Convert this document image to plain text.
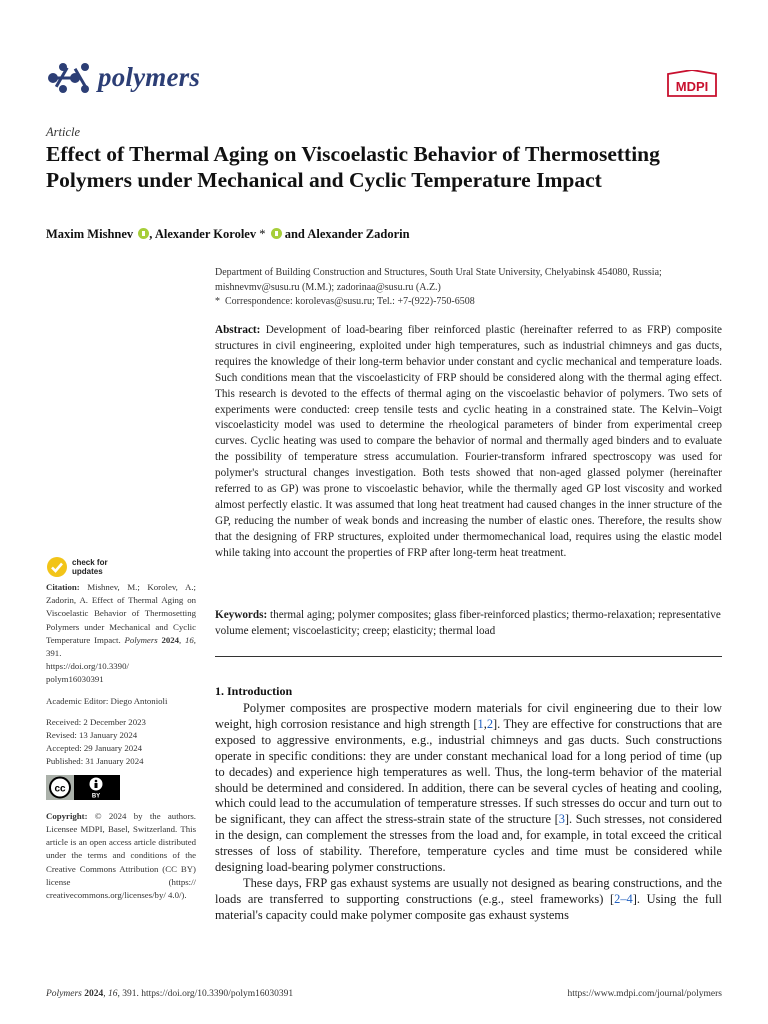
polymers	MDPI
Article
Effect of Thermal Aging on Viscoelastic Behavior of Thermosetting Polymers under Mechanical and Cyclic Temperature Impact
Maxim Mishnev , Alexander Korolev *  and Alexander Zadorin
Department of Building Construction and Structures, South Ural State University, Chelyabinsk 454080, Russia;
mishnevmv@susu.ru (M.M.); zadorinaa@susu.ru (A.Z.)
* Correspondence: korolevas@susu.ru; Tel.: +7-(922)-750-6508
Abstract: Development of load-bearing fiber reinforced plastic (hereinafter referred to as FRP) composite structures in civil engineering, exploited under high temperatures, such as industrial chimneys and gas ducts, requires the knowledge of their long-term behavior under constant and cyclic mechanical and temperature loads. Such conditions mean that the viscoelasticity of FRP should be considered along with the thermal aging effect. This research is devoted to the effects of thermal aging on the viscoelastic behavior of polymers. Two sets of experiments were conducted: creep tensile tests and cyclic heating in a constrained state. The Kelvin–Voigt viscoelasticity model was used to determine the rheological parameters of binder from experimental creep curves. Cyclic heating was used to compare the behavior of normal and thermally aged binders and to evaluate the possibility of temperature stress accumulation. Fourier-transform infrared spectroscopy was used for polymer's structural changes investigation. Both tests showed that non-aged glassed polymer (hereinafter referred to as GP) was prone to viscoelastic behavior, while the thermally aged GP lost viscosity and worked almost perfectly elastic. It was assumed that long heat treatment had caused changes in the inner structure of the GP, reducing the number of weak bonds and increasing the number of elastic ones. Therefore, the results show that the designing of FRP structures, exploited under thermomechanical load, requires using the elastic model while taking into account the properties of FRP after long-term heat treatment.
Keywords: thermal aging; polymer composites; glass fiber-reinforced plastics; thermo-relaxation; representative volume element; viscoelasticity; creep; elasticity; thermal load
check for
updates
Citation: Mishnev, M.; Korolev, A.; Zadorin, A. Effect of Thermal Aging on Viscoelastic Behavior of Thermosetting Polymers under Mechanical and Cyclic Temperature Impact. Polymers 2024, 16, 391.
https://doi.org/10.3390/
polym16030391
Academic Editor: Diego Antonioli
Received: 2 December 2023
Revised: 13 January 2024
Accepted: 29 January 2024
Published: 31 January 2024
cc
BY
Copyright: © 2024 by the authors. Licensee MDPI, Basel, Switzerland. This article is an open access article distributed under the terms and conditions of the Creative Commons Attribution (CC BY) license (https:// creativecommons.org/licenses/by/ 4.0/).
1. Introduction

Polymer composites are prospective modern materials for civil engineering due to their low weight, high corrosion resistance and high strength [1,2]. They are effective for constructions that are exposed to aggressive environments, e.g., industrial chimneys and gas ducts. Such constructions operate in specific conditions: they are under constant mechanical load for a long period of time (up to decades) and experience high temperatures as well. Thus, the long-term behavior of the material should be determined and considered. In addition, there can be several cycles of heating and cooling, which could lead to the accumulation of temperature stresses. If such stresses do occur and turn out to be significant, they can affect the stress-strain state of the structure [3]. Such stresses, not considered in the design, can complement the stresses from the load and, for example, in total exceed the critical stresses of loss of stability. Therefore, temperature cycles and time must be considered while designing load-bearing polymer constructions.

These days, FRP gas exhaust systems are usually not designed as bearing constructions, and the loads are transferred to supporting constructions (e.g., steel frameworks) [2–4]. Using the full material's capacity could make polymer composite gas exhaust systems

Polymers 2024, 16, 391. https://doi.org/10.3390/polym16030391	https://www.mdpi.com/journal/polymers
